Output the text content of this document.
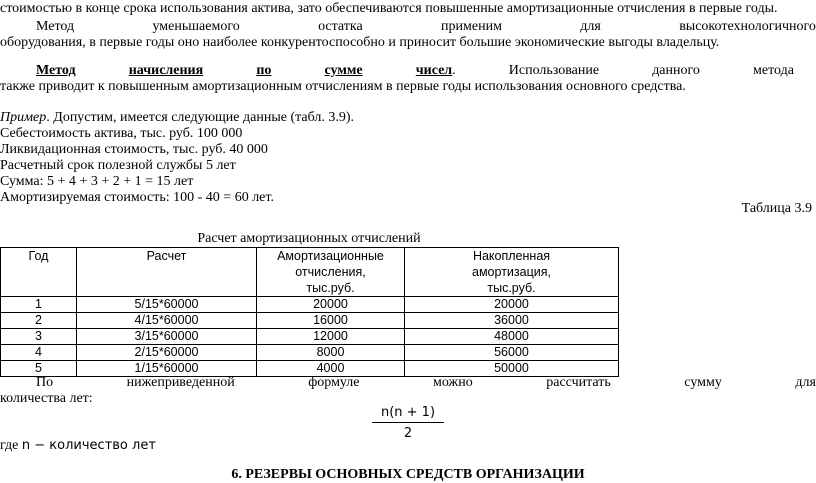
стоимостью в конце срока использования актива, зато обеспечиваются повышенные амортизационные отчисления в первые годы.
Метод	уменьшаемого	остатка	применим	для	высокотехнологичного
оборудования, в первые годы оно наиболее конкурентоспособно и приносит большие экономические выгоды владельцу.
Метод	начисления	по	сумме	чисел.	Использование	данного	метода
также приводит к повышенным амортизационным отчислениям в первые годы использования основного средства.
Пример. Допустим, имеется следующие данные (табл. 3.9).
Себестоимость актива, тыс. руб. 100 000
Ликвидационная стоимость, тыс. руб. 40 000
Расчетный срок полезной службы 5 лет
Сумма: 5 + 4 + 3 + 2 + 1 = 15 лет
Амортизируемая стоимость: 100 - 40 = 60 лет.
Таблица 3.9
Расчет амортизационных отчислений
Год	Расчет	Амортизационные отчисления, тыс.руб.	Накопленная амортизация, тыс.руб.
1	5/15*60000	20000	20000
2	4/15*60000	16000	36000
3	3/15*60000	12000	48000
4	2/15*60000	8000	56000
5	1/15*60000	4000	50000
По	нижеприведенной	формуле	можно	рассчитать	сумму	для
количества лет:
$\frac{n(n + 1)}{2}$
где n − количество лет
6. РЕЗЕРВЫ ОСНОВНЫХ СРЕДСТВ ОРГАНИЗАЦИИ
